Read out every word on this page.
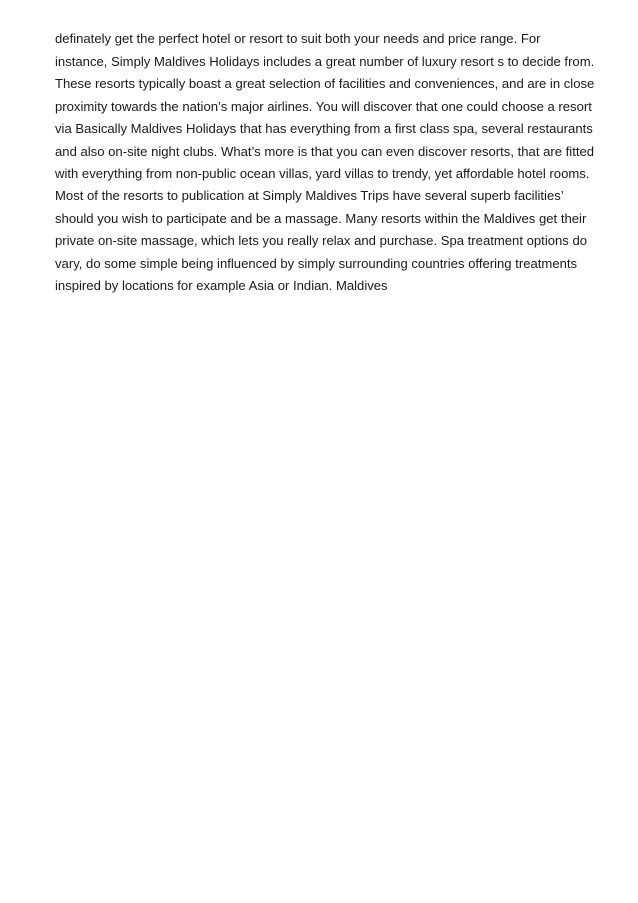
definately get the perfect hotel or resort to suit both your needs and price range. For
instance, Simply Maldives Holidays includes a great number of luxury resort s to decide from.
These resorts typically boast a great selection of facilities and conveniences, and are in close
proximity towards the nation’s major airlines. You will discover that one could choose a resort
via Basically Maldives Holidays that has everything from a first class spa, several restaurants
and also on-site night clubs. What’s more is that you can even discover resorts, that are fitted
with everything from non-public ocean villas, yard villas to trendy, yet affordable hotel rooms.
Most of the resorts to publication at Simply Maldives Trips have several superb facilities’
should you wish to participate and be a massage. Many resorts within the Maldives get their
private on-site massage, which lets you really relax and purchase. Spa treatment options do
vary, do some simple being influenced by simply surrounding countries offering treatments
inspired by locations for example Asia or Indian. Maldives
